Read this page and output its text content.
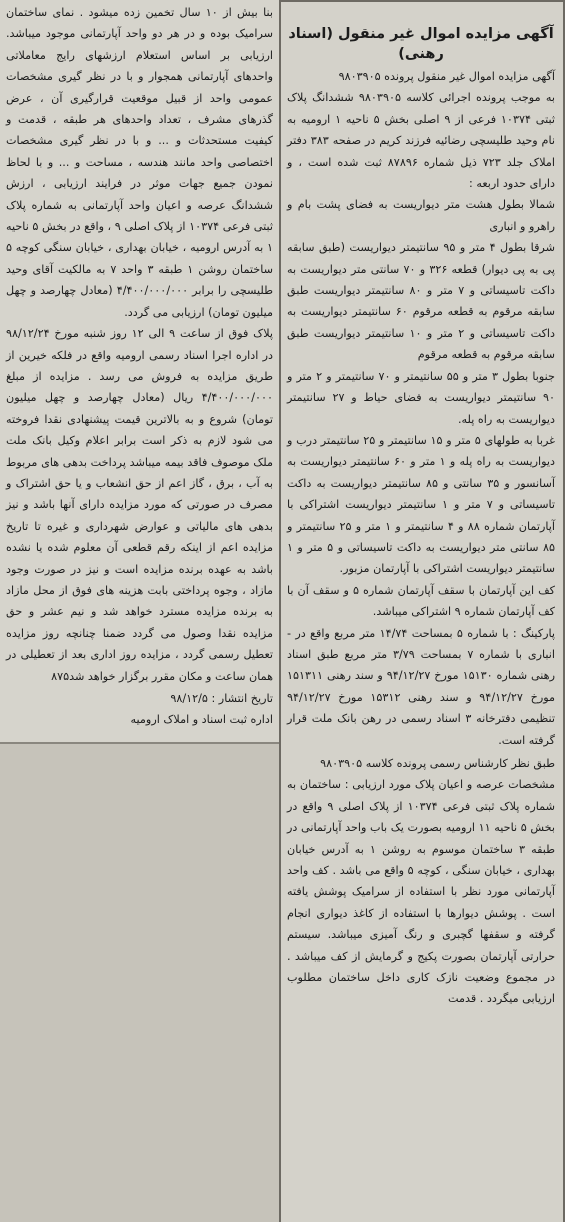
آگهی مزایده اموال غیر منقول (اسناد رهنی)

آگهی مزایده اموال غیر منقول پرونده ۹۸۰۳۹۰۵

به موجب پرونده اجرائی کلاسه ۹۸۰۳۹۰۵ ششدانگ پلاک ثبتی ۱۰۳۷۴ فرعی از ۹ اصلی بخش ۵ ناحیه ۱ ارومیه به نام وحید طلیسچی رضائیه فرزند کریم در صفحه ۳۸۳ دفتر املاک جلد ۷۲۳ ذیل شماره ۸۷۸۹۶ ثبت شده است ، و دارای حدود اربعه :

شمالا بطول هشت متر دیواریست به فضای پشت بام و راهرو و انباری

شرقا بطول ۴ متر و ۹۵ سانتیمتر دیواریست (طبق سابقه پی به پی دیوار) قطعه ۳۲۶ و ۷۰ سانتی متر دیواریست به داکت تاسیساتی و ۷ متر و ۸۰ سانتیمتر دیواریست طبق سابقه مرقوم به قطعه مرقوم ۶۰ سانتیمتر دیواریست به داکت تاسیساتی و ۲ متر و ۱۰ سانتیمتر دیواریست طبق سابقه مرقوم به قطعه مرقوم

جنوبا بطول ۳ متر و ۵۵ سانتیمتر و ۷۰ سانتیمتر و ۲ متر و ۹۰ سانتیمتر دیواریست به فضای حیاط و ۲۷ سانتیمتر دیواریست به راه پله.

غربا به طولهای ۵ متر و ۱۵ سانتیمتر و ۲۵ سانتیمتر درب و دیواریست به راه پله و ۱ متر و ۶۰ سانتیمتر دیواریست به آسانسور و ۳۵ سانتی و ۸۵ سانتیمتر دیواریست به داکت تاسیساتی و ۷ متر و ۱ سانتیمتر دیواریست اشتراکی با آپارتمان شماره ۸۸ و ۴ سانتیمتر و ۱ متر و ۲۵ سانتیمتر و ۸۵ سانتی متر دیواریست به داکت تاسیساتی و ۵ متر و ۱ سانتیمتر دیواریست اشتراکی با آپارتمان مزبور.

کف این آپارتمان با سقف آپارتمان شماره ۵ و سقف آن با کف آپارتمان شماره ۹ اشتراکی میباشد.

پارکینگ : با شماره ۵ بمساحت ۱۴/۷۴ متر مربع واقع در - انباری با شماره ۷ بمساحت ۳/۷۹ متر مربع طبق اسناد رهنی شماره ۱۵۱۳۰ مورخ ۹۴/۱۲/۲۷ و سند رهنی ۱۵۱۳۱۱ مورخ ۹۴/۱۲/۲۷ و سند رهنی ۱۵۳۱۲ مورخ ۹۴/۱۲/۲۷ تنظیمی دفترخانه ۳ اسناد رسمی در رهن بانک ملت قرار گرفته است.

طبق نظر کارشناس رسمی پرونده کلاسه ۹۸۰۳۹۰۵

مشخصات عرصه و اعیان پلاک مورد ارزیابی : ساختمان به شماره پلاک ثبتی فرعی ۱۰۳۷۴ از پلاک اصلی ۹ واقع در بخش ۵ ناحیه ۱۱ ارومیه بصورت یک باب واحد آپارتمانی در طبقه ۳ ساختمان موسوم به روشن ۱ به آدرس خیابان بهداری ، خیابان سنگی ، کوچه ۵ واقع می باشد . کف واحد آپارتمانی مورد نظر با استفاده از سرامیک پوشش یافته است . پوشش دیوارها با استفاده از کاغذ دیواری انجام گرفته و سقفها گچبری و رنگ آمیزی میباشد. سیستم حرارتی آپارتمان بصورت پکیج و گرمایش از کف میباشد . در مجموع وضعیت نازک کاری داخل ساختمان مطلوب ارزیابی میگردد . قدمت

بنا بیش از ۱۰ سال تخمین زده میشود . نمای ساختمان سرامیک بوده و در هر دو واحد آپارتمانی موجود میباشد. ارزیابی بر اساس استعلام ارزشهای رایج معاملاتی واحدهای آپارتمانی همجوار و با در نظر گیری مشخصات عمومی واحد از قبیل موقعیت قرارگیری آن ، عرض گذرهای مشرف ، تعداد واحدهای هر طبقه ، قدمت و کیفیت مستحدثات و ... و با در نظر گیری مشخصات اختصاصی واحد مانند هندسه ، مساحت و ... و با لحاظ نمودن جمیع جهات موثر در فرایند ارزیابی ، ارزش ششدانگ عرصه و اعیان واحد آپارتمانی به شماره پلاک ثبتی فرعی ۱۰۳۷۴ از پلاک اصلی ۹ ، واقع در بخش ۵ ناحیه ۱ به آدرس ارومیه ، خیابان بهداری ، خیابان سنگی کوچه ۵ ساختمان روشن ۱ طبقه ۳ واحد ۷ به مالکیت آقای وحید طلیسچی را برابر ۴/۴۰۰/۰۰۰/۰۰۰ (معادل چهارصد و چهل میلیون تومان) ارزیابی می گردد.

پلاک فوق از ساعت ۹ الی ۱۲ روز شنبه مورخ ۹۸/۱۲/۲۴ در اداره اجرا اسناد رسمی ارومیه واقع در فلکه خیرین از طریق مزایده به فروش می رسد . مزایده از مبلغ ۴/۴۰۰/۰۰۰/۰۰۰ ریال (معادل چهارصد و چهل میلیون تومان) شروع و به بالاترین قیمت پیشنهادی نقدا فروخته می شود لازم به ذکر است برابر اعلام وکیل بانک ملت ملک موصوف فاقد بیمه میباشد پرداخت بدهی های مربوط به آب ، برق ، گاز اعم از حق انشعاب و یا حق اشتراک و مصرف در صورتی که مورد مزایده دارای آنها باشد و نیز بدهی های مالیاتی و عوارض شهرداری و غیره تا تاریخ مزایده اعم از اینکه رقم قطعی آن معلوم شده یا نشده باشد به عهده برنده مزایده است و نیز در صورت وجود مازاد ، وجوه پرداختی بابت هزینه های فوق از محل مازاد به برنده مزایده مسترد خواهد شد و نیم عشر و حق مزایده نقدا وصول می گردد ضمنا چنانچه روز مزایده تعطیل رسمی گردد ، مزایده روز اداری بعد از تعطیلی در همان ساعت و مکان مقرر برگزار خواهد شد۸۷۵

تاریخ انتشار : ۹۸/۱۲/۵

اداره ثبت اسناد و املاک ارومیه
